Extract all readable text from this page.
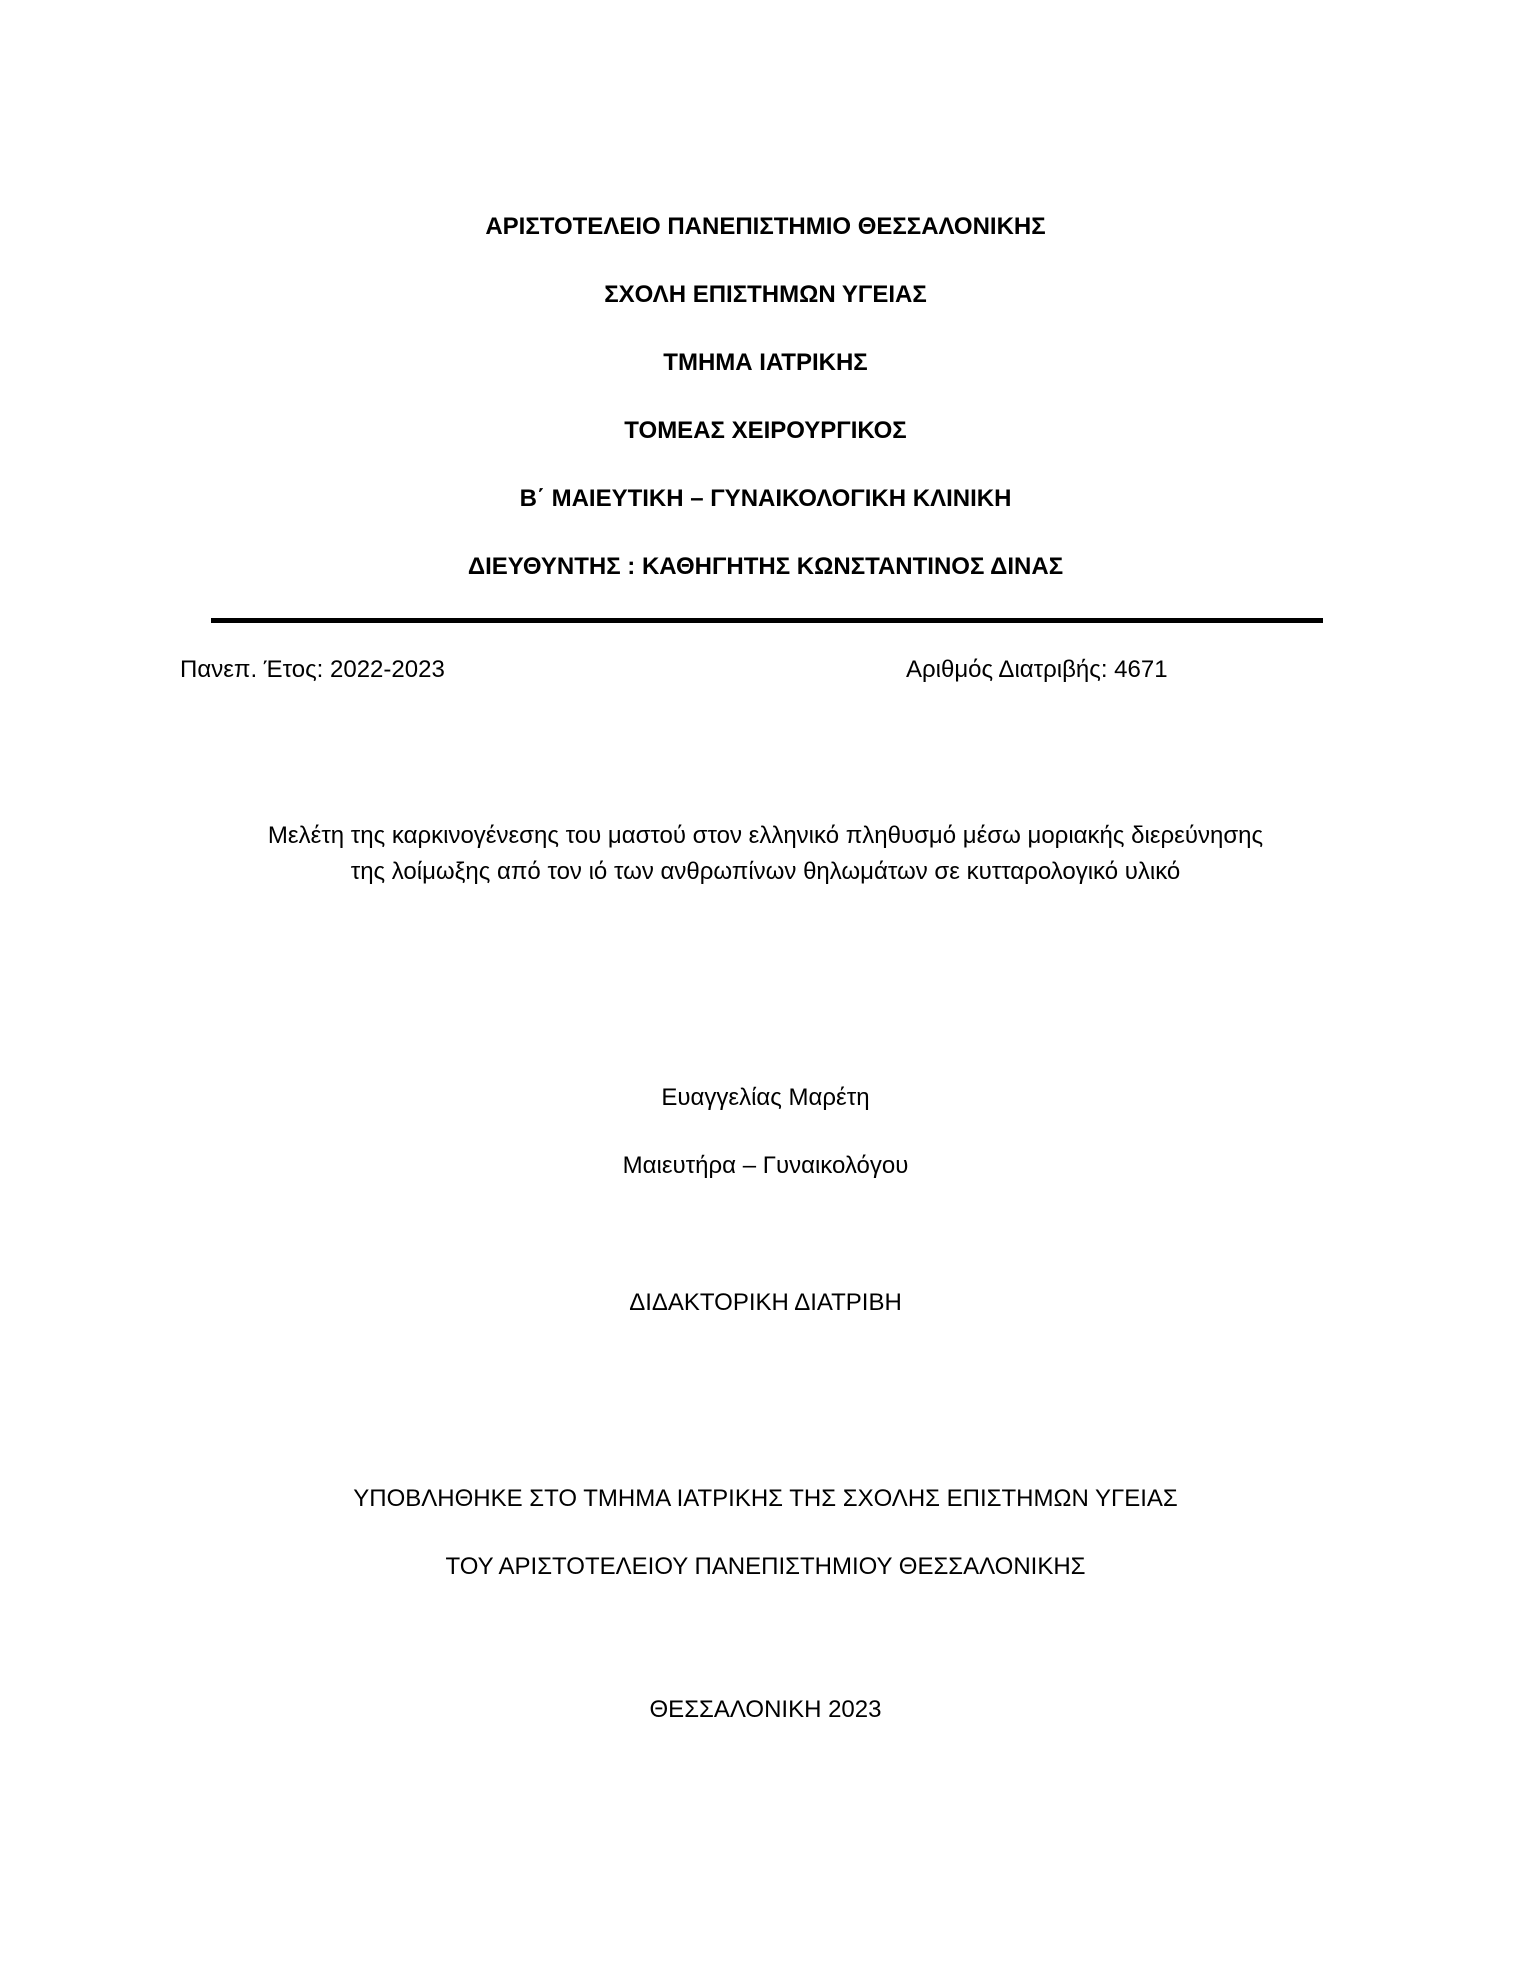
ΑΡΙΣΤΟΤΕΛΕΙΟ ΠΑΝΕΠΙΣΤΗΜΙΟ ΘΕΣΣΑΛΟΝΙΚΗΣ
ΣΧΟΛΗ ΕΠΙΣΤΗΜΩΝ ΥΓΕΙΑΣ
ΤΜΗΜΑ ΙΑΤΡΙΚΗΣ
ΤΟΜΕΑΣ ΧΕΙΡΟΥΡΓΙΚΟΣ
Β΄ ΜΑΙΕΥΤΙΚΗ – ΓΥΝΑΙΚΟΛΟΓΙΚΗ ΚΛΙΝΙΚΗ
ΔΙΕΥΘΥΝΤΗΣ : ΚΑΘΗΓΗΤΗΣ ΚΩΝΣΤΑΝΤΙΝΟΣ ΔΙΝΑΣ
Πανεπ. Έτος: 2022-2023	Αριθμός Διατριβής: 4671
Μελέτη της καρκινογένεσης του μαστού στον ελληνικό πληθυσμό μέσω μοριακής διερεύνησης
της λοίμωξης από τον ιό των ανθρωπίνων θηλωμάτων σε κυτταρολογικό υλικό
Ευαγγελίας Μαρέτη
Μαιευτήρα – Γυναικολόγου
ΔΙΔΑΚΤΟΡΙΚΗ ΔΙΑΤΡΙΒΗ
ΥΠΟΒΛΗΘΗΚΕ ΣΤΟ ΤΜΗΜΑ ΙΑΤΡΙΚΗΣ ΤΗΣ ΣΧΟΛΗΣ ΕΠΙΣΤΗΜΩΝ ΥΓΕΙΑΣ
ΤΟΥ ΑΡΙΣΤΟΤΕΛΕΙΟΥ ΠΑΝΕΠΙΣΤΗΜΙΟΥ ΘΕΣΣΑΛΟΝΙΚΗΣ
ΘΕΣΣΑΛΟΝΙΚΗ 2023
